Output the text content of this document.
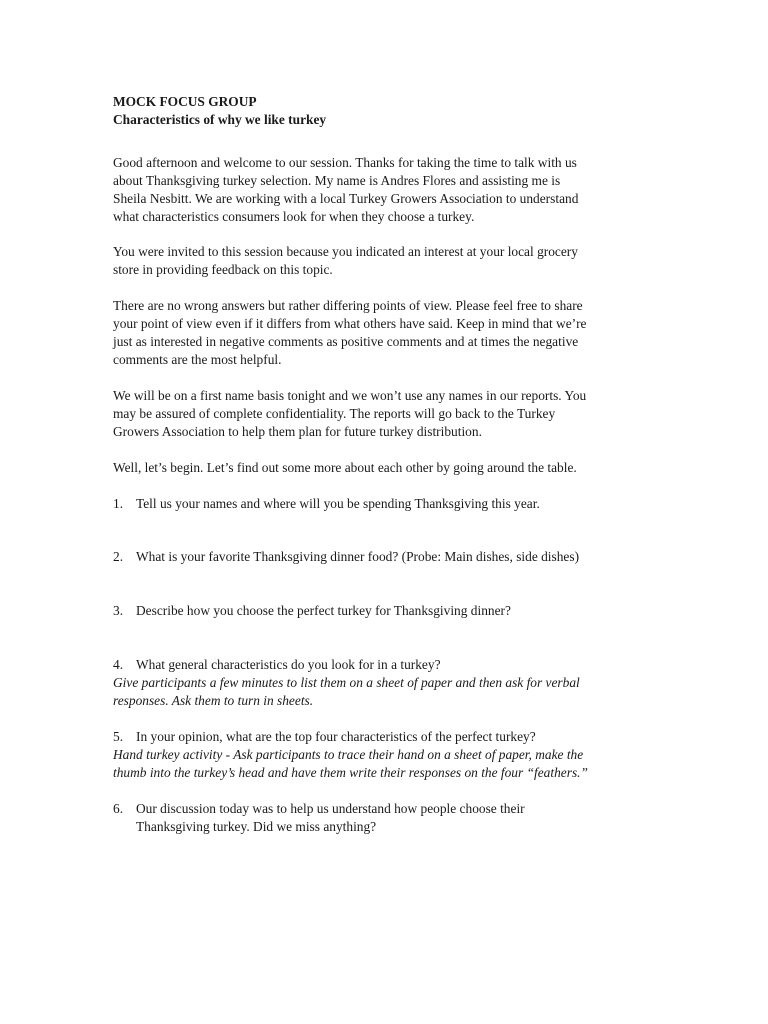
MOCK FOCUS GROUP

Characteristics of why we like turkey

Good afternoon and welcome to our session. Thanks for taking the time to talk with us
about Thanksgiving turkey selection. My name is Andres Flores and assisting me is
Sheila Nesbitt. We are working with a local Turkey Growers Association to understand
what characteristics consumers look for when they choose a turkey.
You were invited to this session because you indicated an interest at your local grocery
store in providing feedback on this topic.
There are no wrong answers but rather differing points of view. Please feel free to share
your point of view even if it differs from what others have said. Keep in mind that we’re
just as interested in negative comments as positive comments and at times the negative
comments are the most helpful.
We will be on a first name basis tonight and we won’t use any names in our reports. You
may be assured of complete confidentiality. The reports will go back to the Turkey
Growers Association to help them plan for future turkey distribution.
Well, let’s begin. Let’s find out some more about each other by going around the table.
1. Tell us your names and where will you be spending Thanksgiving this year.
2. What is your favorite Thanksgiving dinner food? (Probe: Main dishes, side dishes)
3. Describe how you choose the perfect turkey for Thanksgiving dinner?
4. What general characteristics do you look for in a turkey?
Give participants a few minutes to list them on a sheet of paper and then ask for verbal
responses. Ask them to turn in sheets.
5. In your opinion, what are the top four characteristics of the perfect turkey?
Hand turkey activity - Ask participants to trace their hand on a sheet of paper, make the
thumb into the turkey’s head and have them write their responses on the four “feathers.”
6. Our discussion today was to help us understand how people choose their
Thanksgiving turkey. Did we miss anything?
